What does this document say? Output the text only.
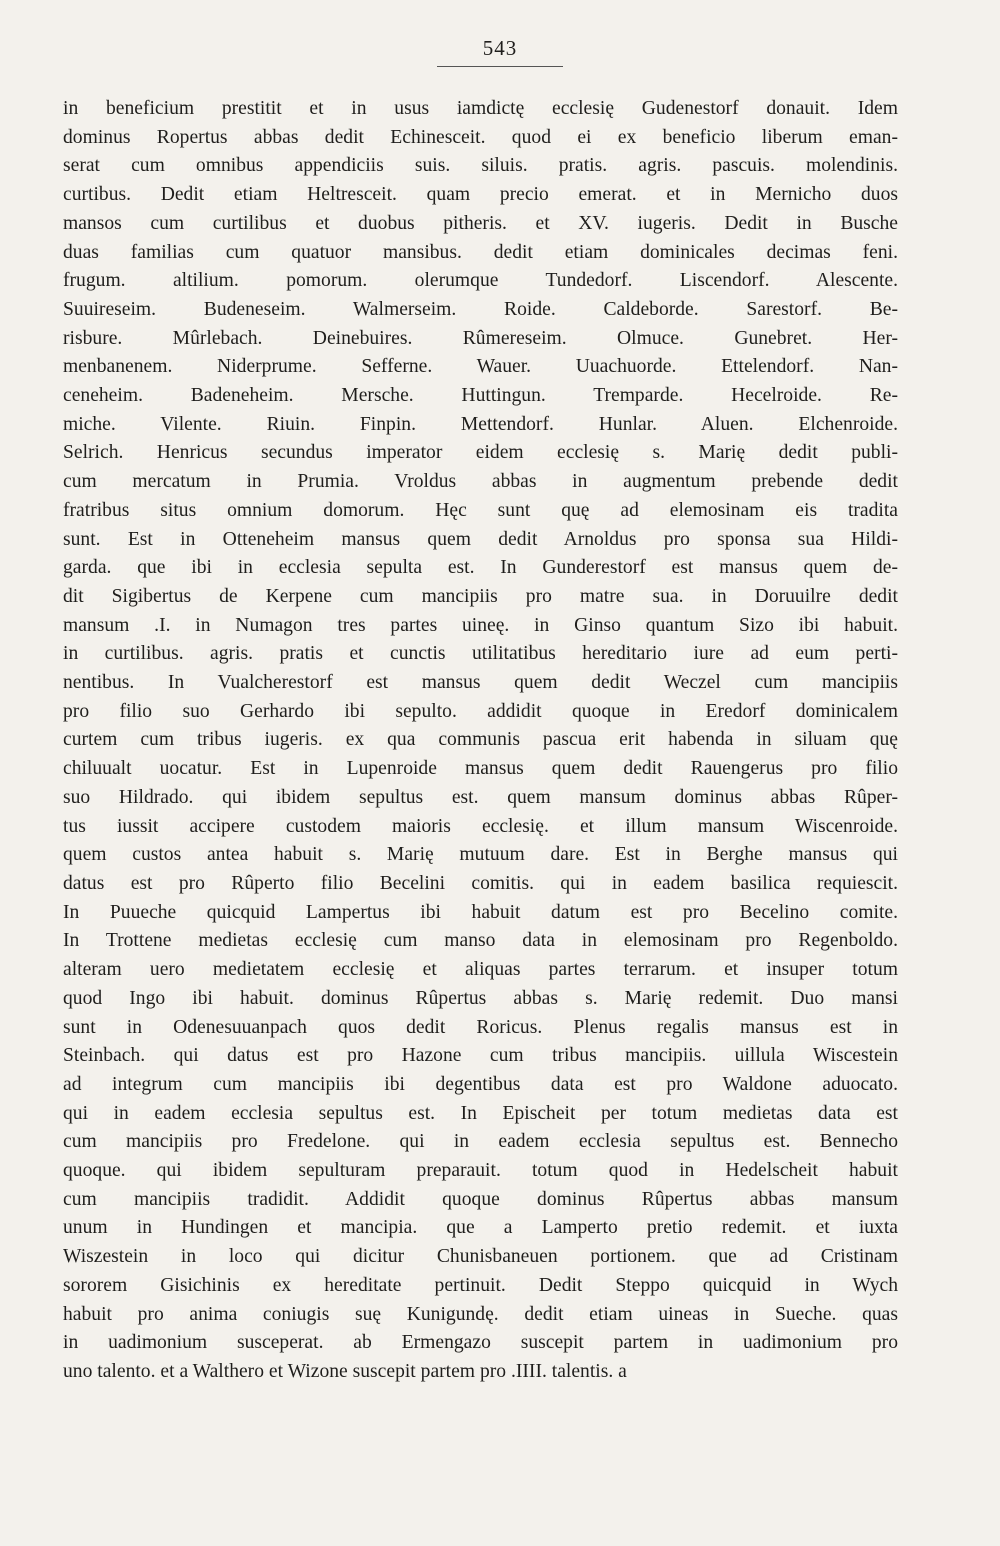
543
in beneficium prestitit et in usus iamdictę ecclesię Gudenestorf donauit. Idem
dominus Ropertus abbas dedit Echinesceit. quod ei ex beneficio liberum eman-
serat cum omnibus appendiciis suis. siluis. pratis. agris. pascuis. molendinis.
curtibus. Dedit etiam Heltresceit. quam precio emerat. et in Mernicho duos
mansos cum curtilibus et duobus pitheris. et XV. iugeris. Dedit in Busche
duas familias cum quatuor mansibus. dedit etiam dominicales decimas feni.
frugum. altilium. pomorum. olerumque Tundedorf. Liscendorf. Alescente.
Suuireseim. Budeneseim. Walmerseim. Roide. Caldeborde. Sarestorf. Be-
risbure. Mûrlebach. Deinebuires. Rûmereseim. Olmuce. Gunebret. Her-
menbanenem. Niderprume. Sefferne. Wauer. Uuachuorde. Ettelendorf. Nan-
ceneheim. Badeneheim. Mersche. Huttingun. Tremparde. Hecelroide. Re-
miche. Vilente. Riuin. Finpin. Mettendorf. Hunlar. Aluen. Elchenroide.
Selrich. Henricus secundus imperator eidem ecclesię s. Marię dedit publi-
cum mercatum in Prumia. Vroldus abbas in augmentum prebende dedit
fratribus situs omnium domorum. Hęc sunt quę ad elemosinam eis tradita
sunt. Est in Otteneheim mansus quem dedit Arnoldus pro sponsa sua Hildi-
garda. que ibi in ecclesia sepulta est. In Gunderestorf est mansus quem de-
dit Sigibertus de Kerpene cum mancipiis pro matre sua. in Doruuilre dedit
mansum .I. in Numagon tres partes uineę. in Ginso quantum Sizo ibi habuit.
in curtilibus. agris. pratis et cunctis utilitatibus hereditario iure ad eum perti-
nentibus. In Vualcherestorf est mansus quem dedit Weczel cum mancipiis
pro filio suo Gerhardo ibi sepulto. addidit quoque in Eredorf dominicalem
curtem cum tribus iugeris. ex qua communis pascua erit habenda in siluam quę
chiluualt uocatur. Est in Lupenroide mansus quem dedit Rauengerus pro filio
suo Hildrado. qui ibidem sepultus est. quem mansum dominus abbas Rûper-
tus iussit accipere custodem maioris ecclesię. et illum mansum Wiscenroide.
quem custos antea habuit s. Marię mutuum dare. Est in Berghe mansus qui
datus est pro Rûperto filio Becelini comitis. qui in eadem basilica requiescit.
In Puueche quicquid Lampertus ibi habuit datum est pro Becelino comite.
In Trottene medietas ecclesię cum manso data in elemosinam pro Regenboldo.
alteram uero medietatem ecclesię et aliquas partes terrarum. et insuper totum
quod Ingo ibi habuit. dominus Rûpertus abbas s. Marię redemit. Duo mansi
sunt in Odenesuuanpach quos dedit Roricus. Plenus regalis mansus est in
Steinbach. qui datus est pro Hazone cum tribus mancipiis. uillula Wiscestein
ad integrum cum mancipiis ibi degentibus data est pro Waldone aduocato.
qui in eadem ecclesia sepultus est. In Epischeit per totum medietas data est
cum mancipiis pro Fredelone. qui in eadem ecclesia sepultus est. Bennecho
quoque. qui ibidem sepulturam preparauit. totum quod in Hedelscheit habuit
cum mancipiis tradidit. Addidit quoque dominus Rûpertus abbas mansum
unum in Hundingen et mancipia. que a Lamperto pretio redemit. et iuxta
Wiszestein in loco qui dicitur Chunisbaneuen portionem. que ad Cristinam
sororem Gisichinis ex hereditate pertinuit. Dedit Steppo quicquid in Wych
habuit pro anima coniugis suę Kunigundę. dedit etiam uineas in Sueche. quas
in uadimonium susceperat. ab Ermengazo suscepit partem in uadimonium pro
uno talento. et a Walthero et Wizone suscepit partem pro .IIII. talentis. a
